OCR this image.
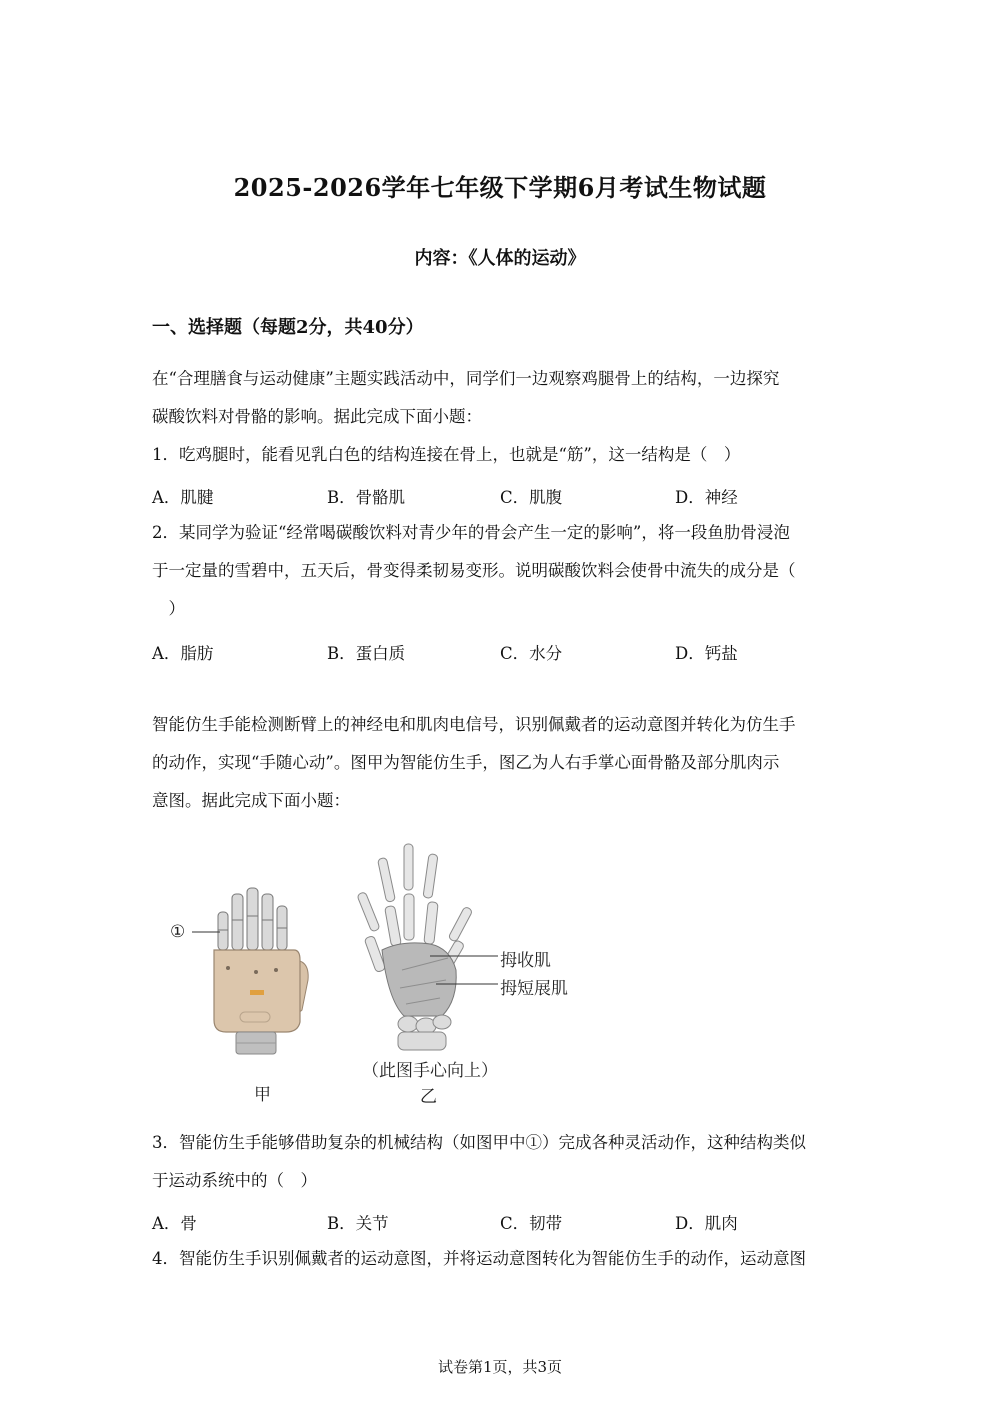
2025-2026学年七年级下学期6月考试生物试题
内容：《人体的运动》
一、选择题（每题2分，共40分）
在“合理膳食与运动健康”主题实践活动中，同学们一边观察鸡腿骨上的结构，一边探究
碳酸饮料对骨骼的影响。据此完成下面小题：
1．吃鸡腿时，能看见乳白色的结构连接在骨上，也就是“筋”，这一结构是（　）
A．肌腱	B．骨骼肌	C．肌腹	D．神经
2．某同学为验证“经常喝碳酸饮料对青少年的骨会产生一定的影响”，将一段鱼肋骨浸泡
于一定量的雪碧中，五天后，骨变得柔韧易变形。说明碳酸饮料会使骨中流失的成分是（
　）
A．脂肪	B．蛋白质	C．水分	D．钙盐
智能仿生手能检测断臂上的神经电和肌肉电信号，识别佩戴者的运动意图并转化为仿生手
的动作，实现“手随心动”。图甲为智能仿生手，图乙为人右手掌心面骨骼及部分肌肉示
意图。据此完成下面小题：
①
甲
拇收肌
拇短展肌
（此图手心向上）
乙
3．智能仿生手能够借助复杂的机械结构（如图甲中①）完成各种灵活动作，这种结构类似
于运动系统中的（　）
A．骨	B．关节	C．韧带	D．肌肉
4．智能仿生手识别佩戴者的运动意图，并将运动意图转化为智能仿生手的动作，运动意图
试卷第1页，共3页
